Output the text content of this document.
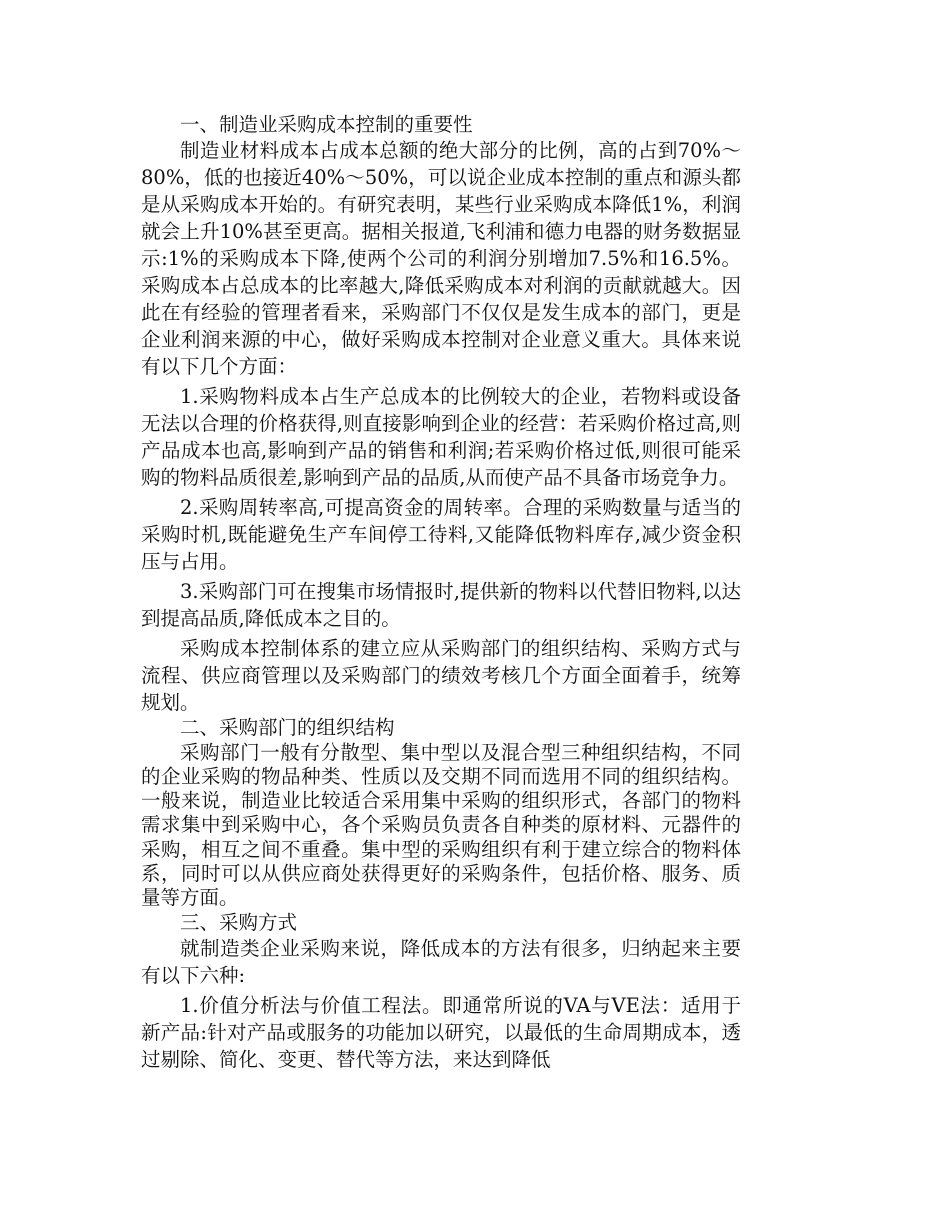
一、制造业采购成本控制的重要性

制造业材料成本占成本总额的绝大部分的比例，高的占到70%～80%，低的也接近40%～50%，可以说企业成本控制的重点和源头都是从采购成本开始的。有研究表明，某些行业采购成本降低1%，利润就会上升10%甚至更高。据相关报道,飞利浦和德力电器的财务数据显示:1%的采购成本下降,使两个公司的利润分别增加7.5%和16.5%。采购成本占总成本的比率越大,降低采购成本对利润的贡献就越大。因此在有经验的管理者看来，采购部门不仅仅是发生成本的部门，更是企业利润来源的中心，做好采购成本控制对企业意义重大。具体来说有以下几个方面：

1.采购物料成本占生产总成本的比例较大的企业，若物料或设备无法以合理的价格获得,则直接影响到企业的经营：若采购价格过高,则产品成本也高,影响到产品的销售和利润;若采购价格过低,则很可能采购的物料品质很差,影响到产品的品质,从而使产品不具备市场竞争力。

2.采购周转率高,可提高资金的周转率。合理的采购数量与适当的采购时机,既能避免生产车间停工待料,又能降低物料库存,减少资金积压与占用。

3.采购部门可在搜集市场情报时,提供新的物料以代替旧物料,以达到提高品质,降低成本之目的。

采购成本控制体系的建立应从采购部门的组织结构、采购方式与流程、供应商管理以及采购部门的绩效考核几个方面全面着手，统筹规划。

二、采购部门的组织结构

采购部门一般有分散型、集中型以及混合型三种组织结构，不同的企业采购的物品种类、性质以及交期不同而选用不同的组织结构。一般来说，制造业比较适合采用集中采购的组织形式，各部门的物料需求集中到采购中心，各个采购员负责各自种类的原材料、元器件的采购，相互之间不重叠。集中型的采购组织有利于建立综合的物料体系，同时可以从供应商处获得更好的采购条件，包括价格、服务、质量等方面。

三、采购方式

就制造类企业采购来说，降低成本的方法有很多，归纳起来主要有以下六种:

1.价值分析法与价值工程法。即通常所说的VA与VE法：适用于新产品:针对产品或服务的功能加以研究，以最低的生命周期成本，透过剔除、简化、变更、替代等方法，来达到降低
